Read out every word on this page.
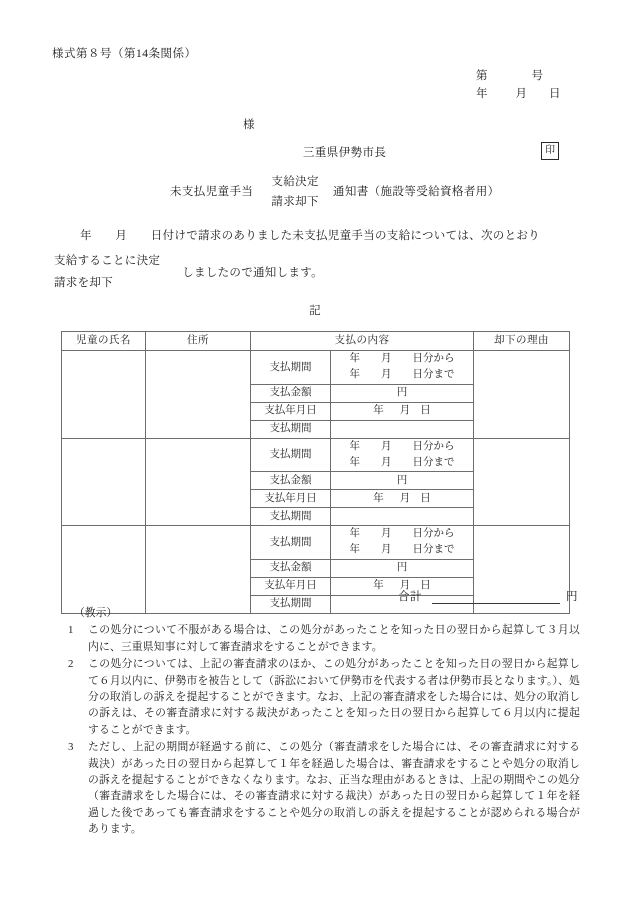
様式第８号（第14条関係）
第	号
年 月 日
様
三重県伊勢市長	印
未支払児童手当
支給決定
請求却下
通知書（施設等受給資格者用）
年　　月　　日付けで請求のありました未支払児童手当の支給については、次のとおり
支給することに決定
請求を却下
しましたので通知します。
記
児童の氏名	住所	支払の内容		却下の理由
		支払期間	年　　月　　日分から
年　　月　　日分まで	

		支払金額	円	
		支払年月日	年 月 日	
		支払期間		
		支払期間	年　　月　　日分から
年　　月　　日分まで	

		支払金額	円	
		支払年月日	年 月 日	
		支払期間		
		支払期間	年　　月　　日分から
年　　月　　日分まで	

		支払金額	円	
		支払年月日	年 月 日	
		支払期間		
合計	円
（教示）
1	この処分について不服がある場合は、この処分があったことを知った日の翌日から起算して３月以内に、三重県知事に対して審査請求をすることができます。
2	この処分については、上記の審査請求のほか、この処分があったことを知った日の翌日から起算して６月以内に、伊勢市を被告として（訴訟において伊勢市を代表する者は伊勢市長となります。）、処分の取消しの訴えを提起することができます。なお、上記の審査請求をした場合には、処分の取消しの訴えは、その審査請求に対する裁決があったことを知った日の翌日から起算して６月以内に提起することができます。
3	ただし、上記の期間が経過する前に、この処分（審査請求をした場合には、その審査請求に対する裁決）があった日の翌日から起算して１年を経過した場合は、審査請求をすることや処分の取消しの訴えを提起することができなくなります。なお、正当な理由があるときは、上記の期間やこの処分（審査請求をした場合には、その審査請求に対する裁決）があった日の翌日から起算して１年を経過した後であっても審査請求をすることや処分の取消しの訴えを提起することが認められる場合があります。
